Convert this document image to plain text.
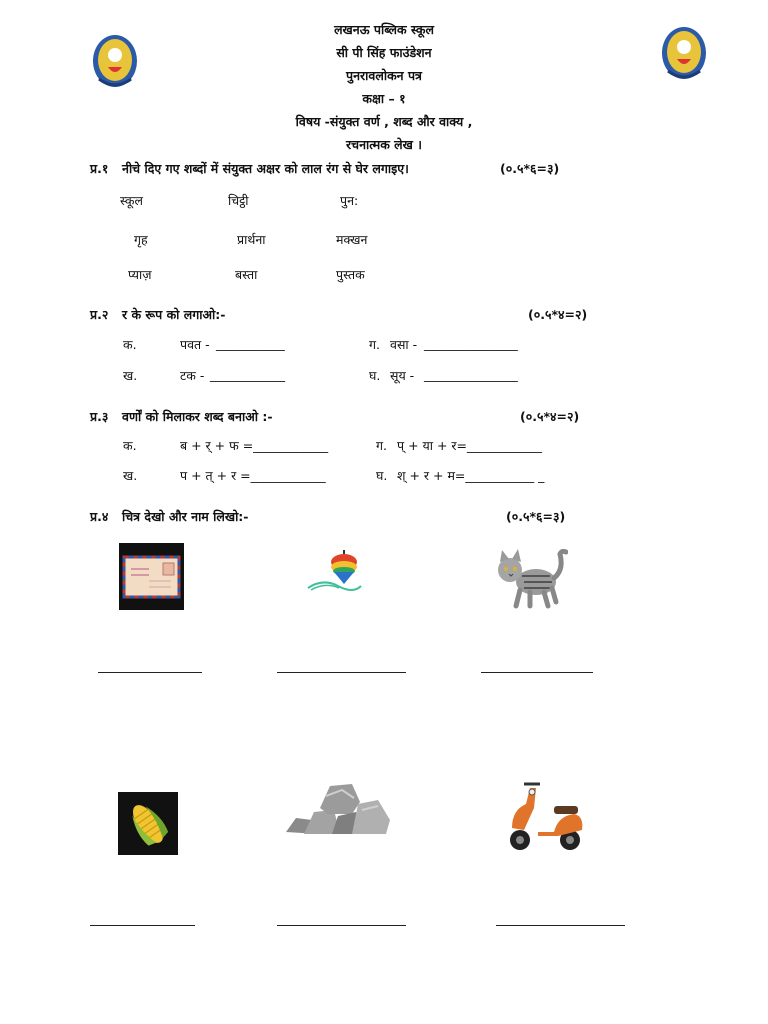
लखनऊ पब्लिक स्कूल
सी पी सिंह फाउंडेशन
पुनरावलोकन पत्र
कक्षा – १
विषय -संयुक्त वर्ण , शब्द और वाक्य ,
रचनात्मक लेख ।
प्र.१ नीचे दिए गए शब्दों में संयुक्त अक्षर को लाल रंग से घेर लगाइए।	(०.५*६=३)
स्कूल	चिट्ठी	पुन:
गृह	प्रार्थना	मक्खन
प्याज़	बस्ता	पुस्तक
प्र.२ र के रूप को लगाओ:-	(०.५*४=२)
क.	पवत - ___________	ग. वसा - _______________
ख.	टक - ____________	घ. सूय - _______________
प्र.३ वर्णों को मिलाकर शब्द बनाओ :-	(०.५*४=२)
क.	ब + र् + फ =____________	ग. प् + या + र=____________
ख.	प + त् + र =____________	घ. श् + र + म=___________ _
प्र.४ चित्र देखो और नाम लिखो:-	(०.५*६=३)
